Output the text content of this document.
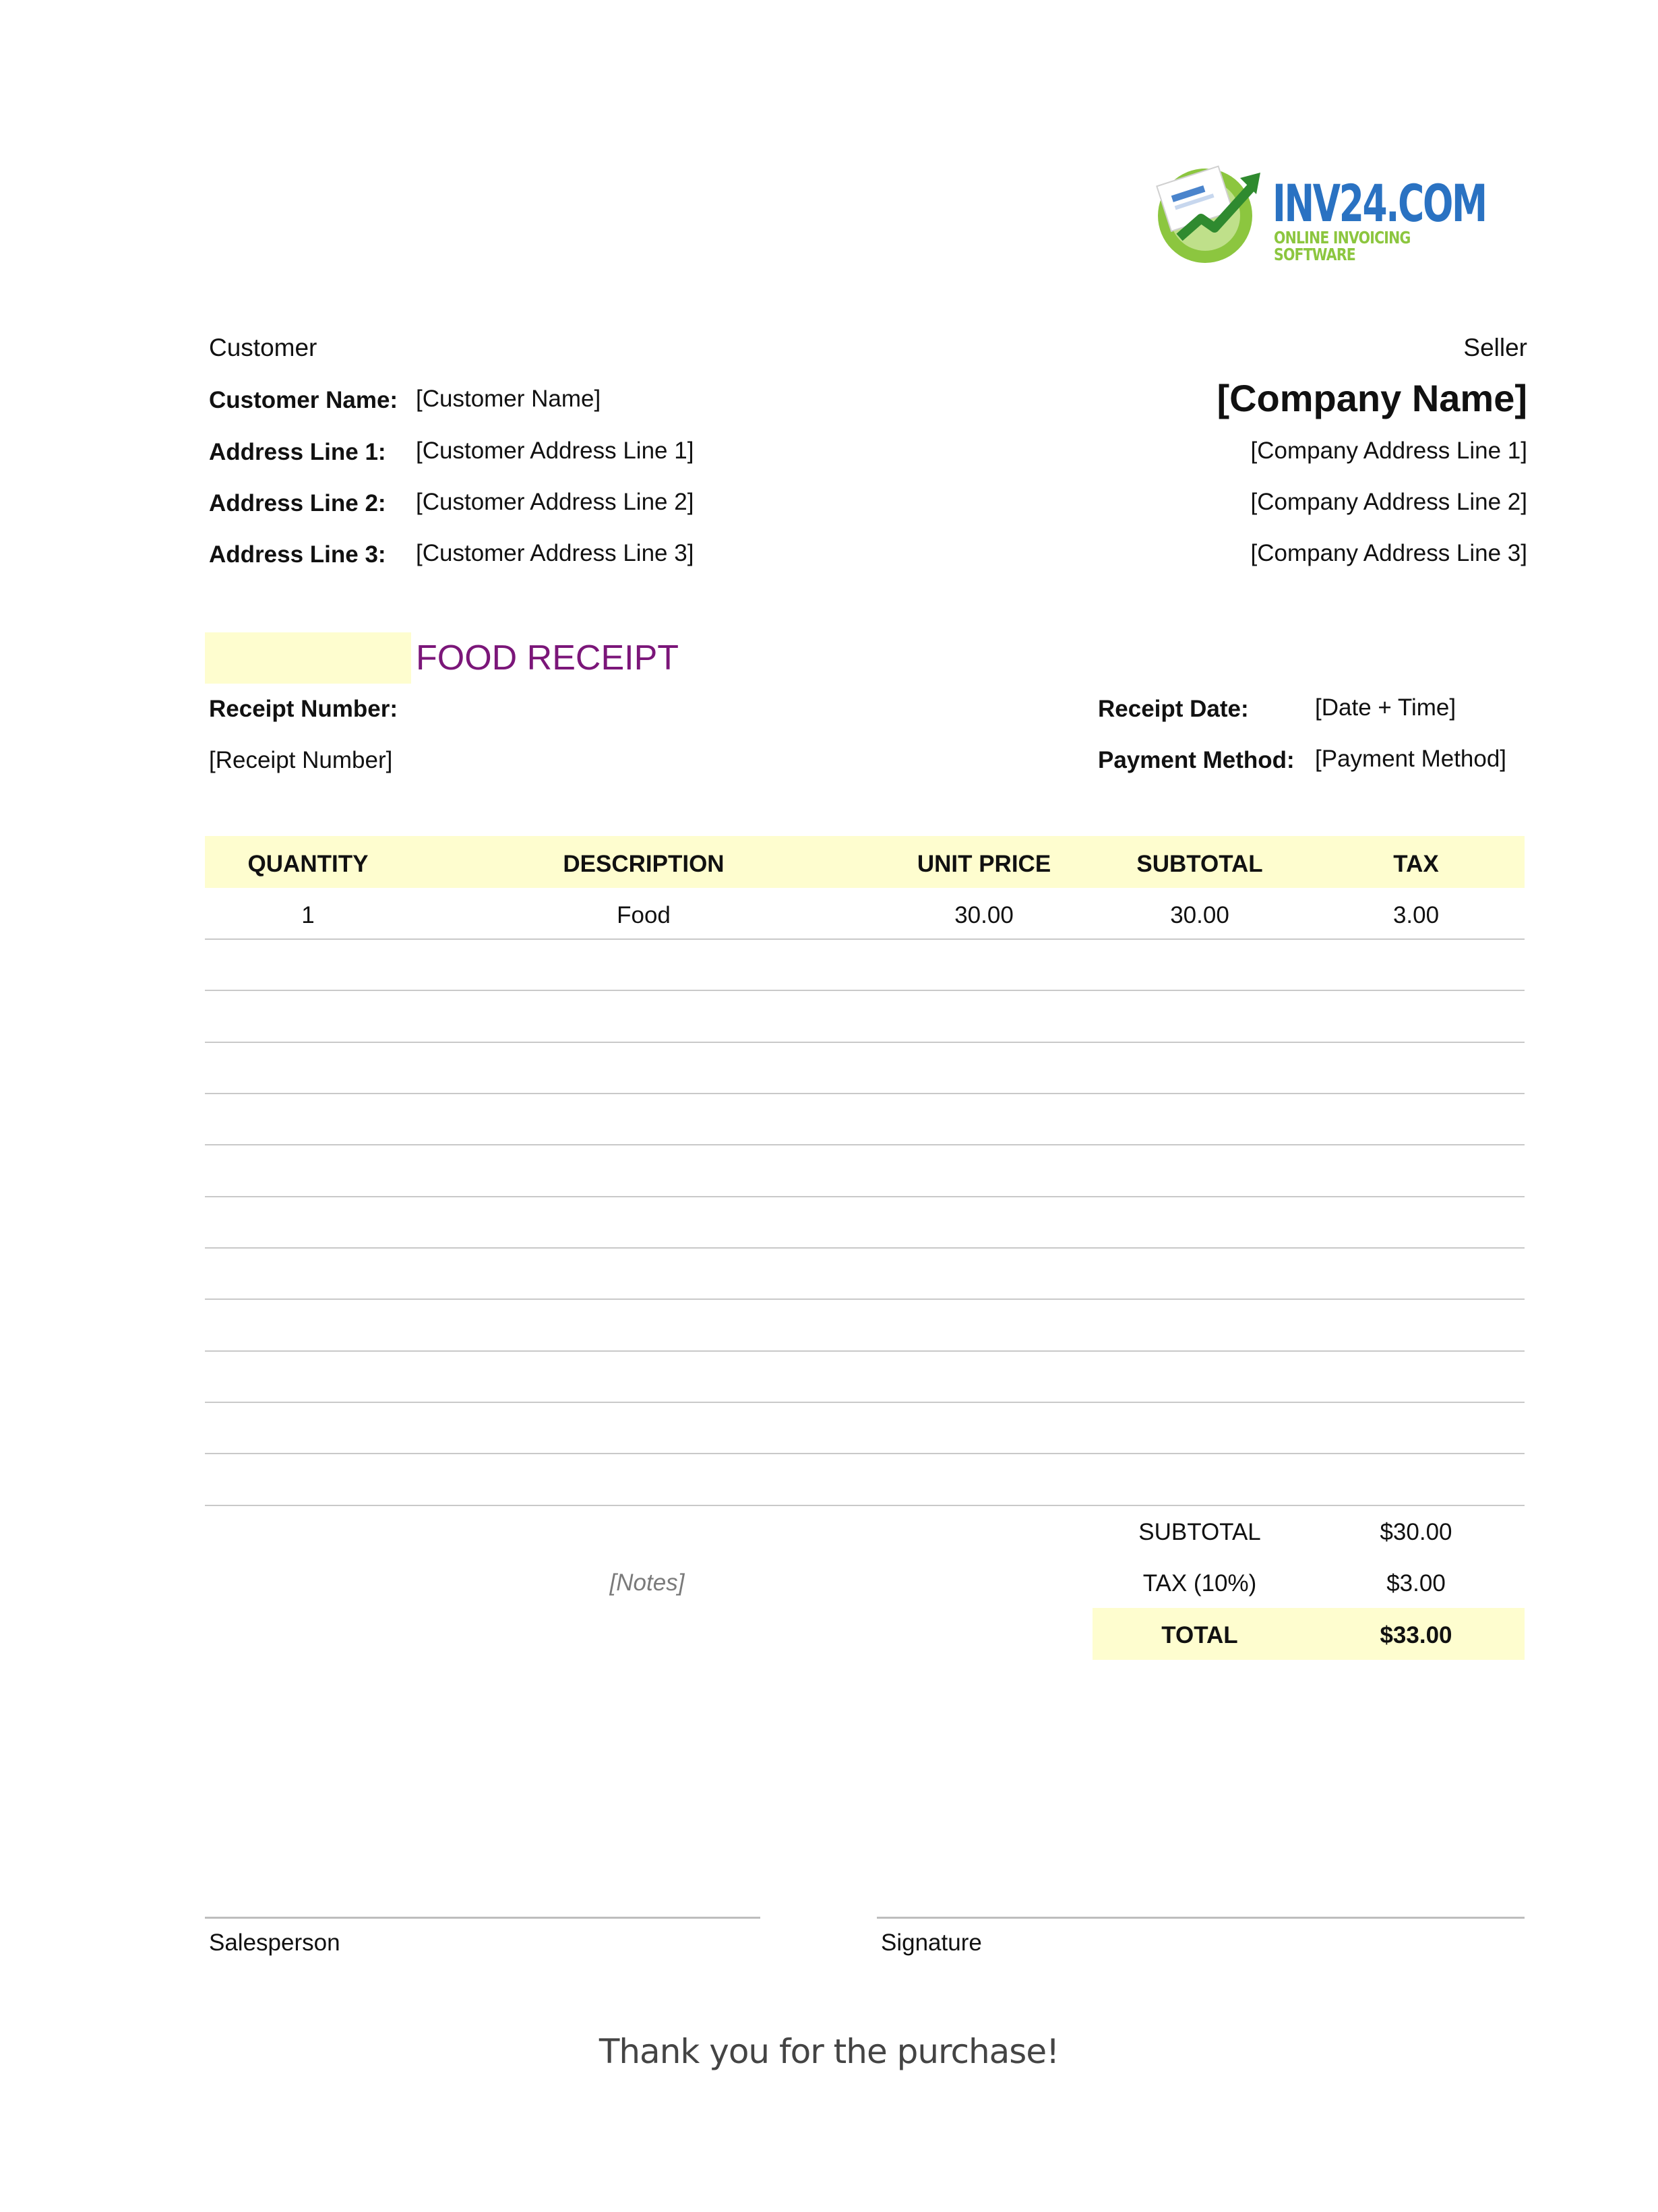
INV24.COM
ONLINE INVOICING SOFTWARE
Customer
Customer Name: [Customer Name]
Address Line 1: [Customer Address Line 1]
Address Line 2: [Customer Address Line 2]
Address Line 3: [Customer Address Line 3]
Seller
[Company Name]
[Company Address Line 1]
[Company Address Line 2]
[Company Address Line 3]
FOOD RECEIPT
Receipt Number:
[Receipt Number]
Receipt Date:	[Date + Time]
Payment Method: [Payment Method]
QUANTITY	DESCRIPTION	UNIT PRICE	SUBTOTAL	TAX
1	Food	30.00	30.00	3.00
[Notes]
SUBTOTAL	$30.00
TAX (10%)	$3.00
TOTAL	$33.00
Salesperson	Signature
Thank you for the purchase!
